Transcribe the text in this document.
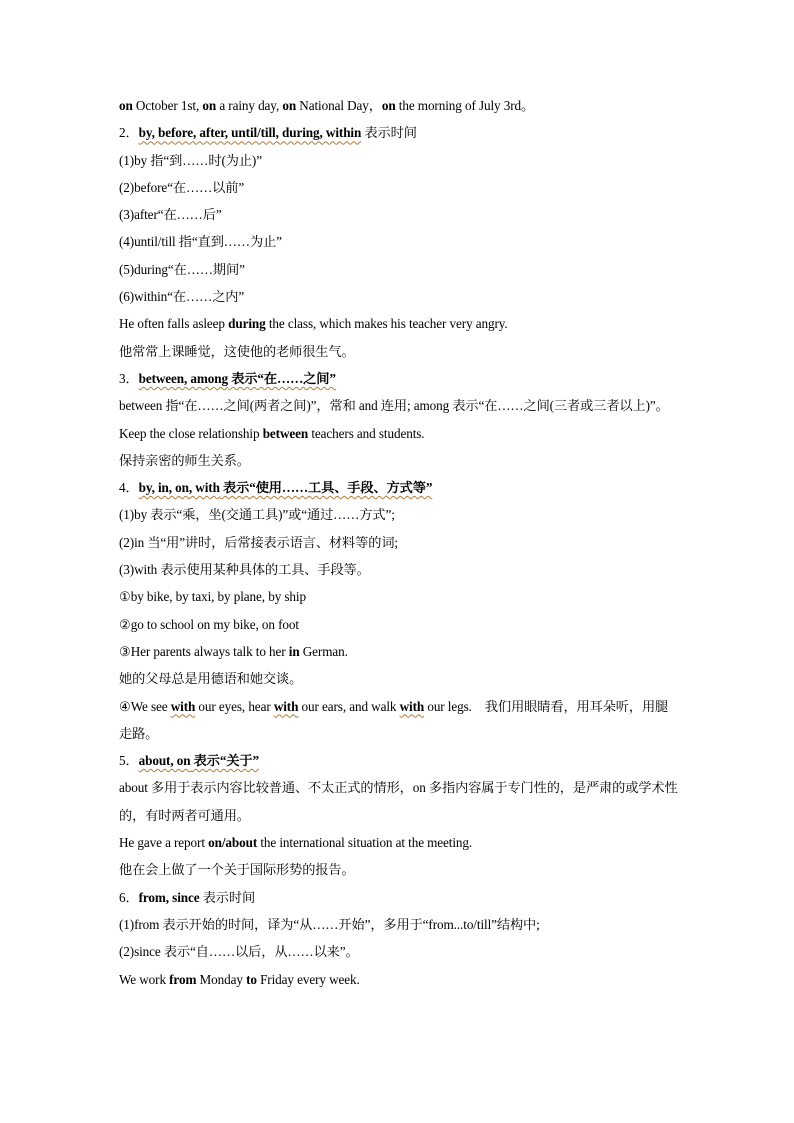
on October 1st, on a rainy day, on National Day，on the morning of July 3rd。
2．by, before, after, until/till, during, within 表示时间
(1)by 指“到……时(为止)”
(2)before“在……以前”
(3)after“在……后”
(4)until/till 指“直到……为止”
(5)during“在……期间”
(6)within“在……之内”
He often falls asleep during the class, which makes his teacher very angry.
他常常上课睡觉，这使他的老师很生气。
3．between, among 表示“在……之间”
between 指“在……之间(两者之间)”，常和 and 连用; among 表示“在……之间(三者或三者以上)”。
Keep the close relationship between teachers and students.
保持亲密的师生关系。
4．by, in, on, with 表示“使用……工具、手段、方式等”
(1)by 表示“乘，坐(交通工具)”或“通过……方式”;
(2)in 当“用”讲时，后常接表示语言、材料等的词;
(3)with 表示使用某种具体的工具、手段等。
①by bike, by taxi, by plane, by ship
②go to school on my bike, on foot
③Her parents always talk to her in German.
她的父母总是用德语和她交谈。
④We see with our eyes, hear with our ears, and walk with our legs.　我们用眼睛看，用耳朵听，用腿走路。
5．about, on 表示“关于”
about 多用于表示内容比较普通、不太正式的情形，on 多指内容属于专门性的，是严肃的或学术性的，有时两者可通用。
He gave a report on/about the international situation at the meeting.
他在会上做了一个关于国际形势的报告。
6．from, since 表示时间
(1)from 表示开始的时间，译为“从……开始”，多用于“from...to/till”结构中;
(2)since 表示“自……以后，从……以来”。
We work from Monday to Friday every week.
